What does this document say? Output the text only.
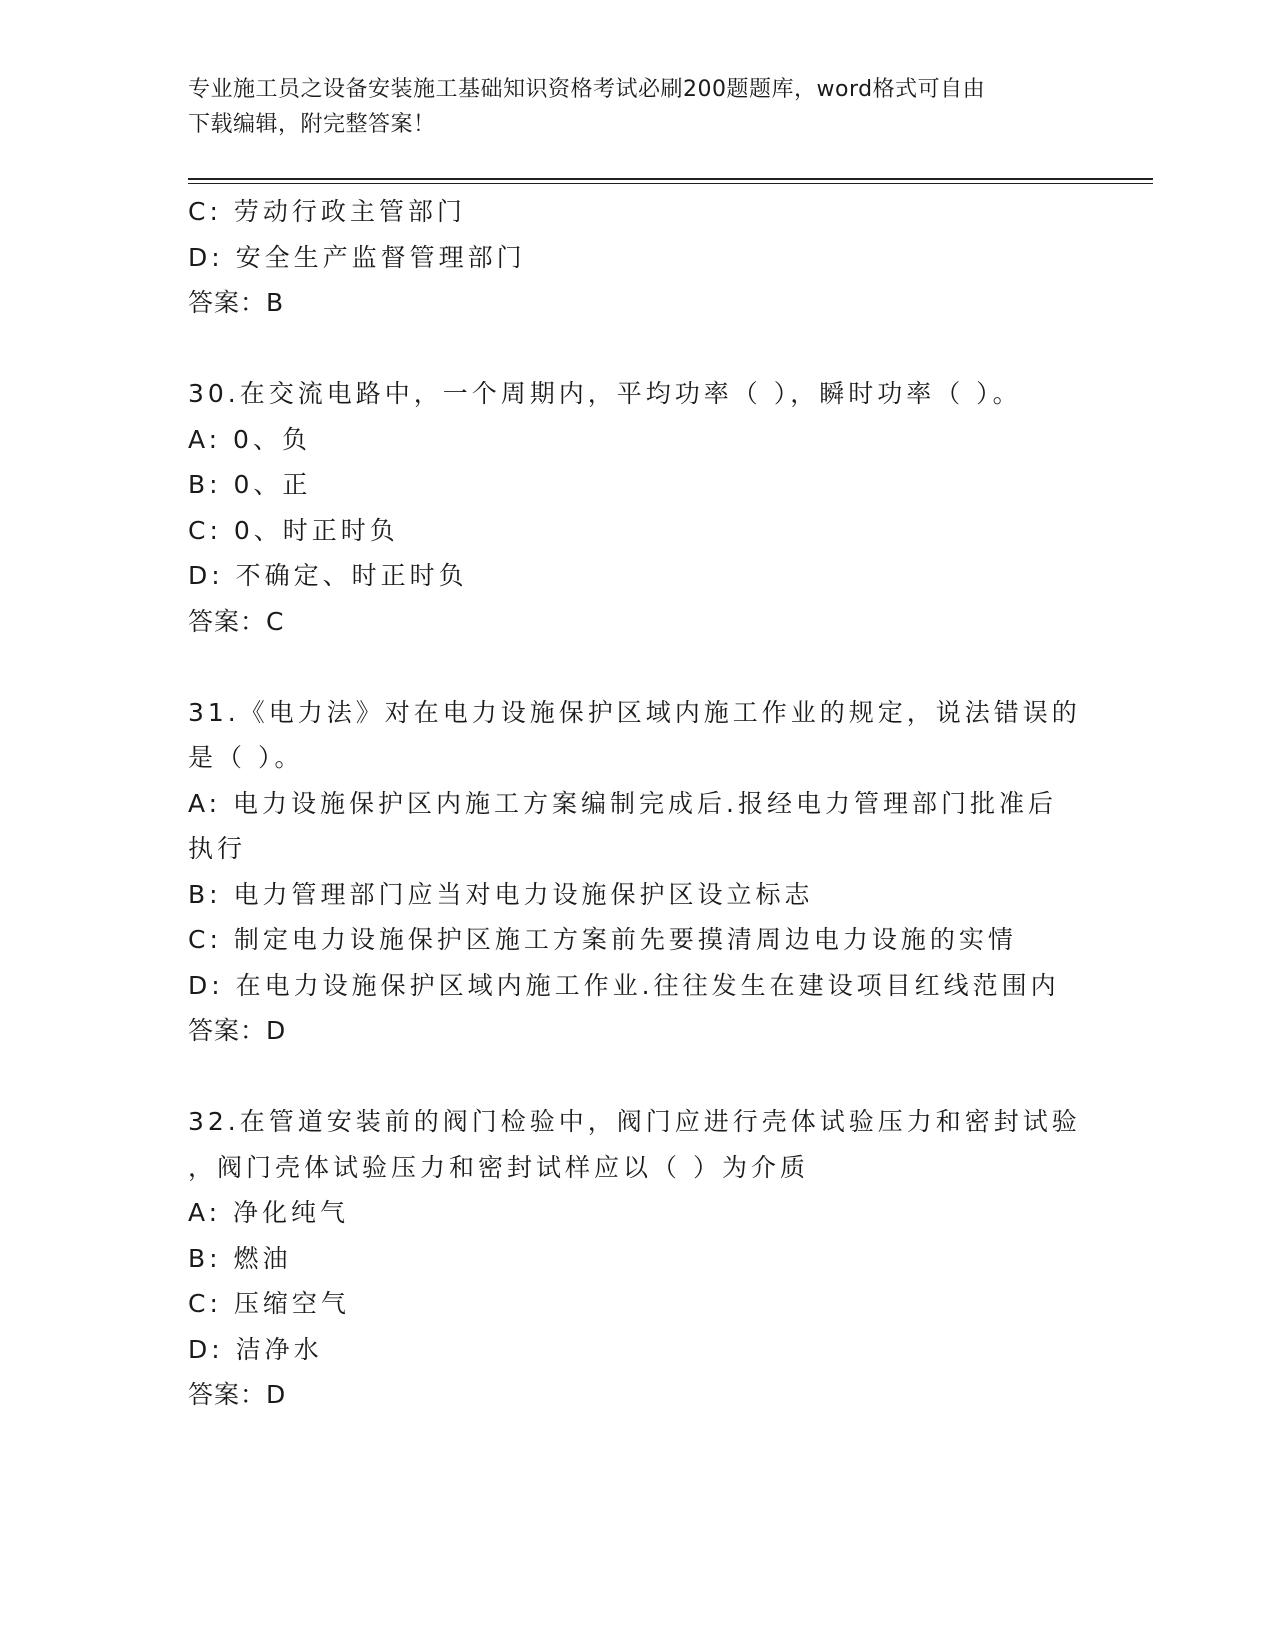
专业施工员之设备安装施工基础知识资格考试必刷200题题库，word格式可自由
下载编辑，附完整答案！
C: 劳动行政主管部门
D: 安全生产监督管理部门
答案：B
30.在交流电路中，一个周期内，平均功率（ ），瞬时功率（ ）。
A: 0、负
B: 0、正
C: 0、时正时负
D: 不确定、时正时负
答案：C
31.《电力法》对在电力设施保护区域内施工作业的规定，说法错误的
是（ ）。
A: 电力设施保护区内施工方案编制完成后.报经电力管理部门批准后
执行
B: 电力管理部门应当对电力设施保护区设立标志
C: 制定电力设施保护区施工方案前先要摸清周边电力设施的实情
D: 在电力设施保护区域内施工作业.往往发生在建设项目红线范围内
答案：D
32.在管道安装前的阀门检验中，阀门应进行壳体试验压力和密封试验
，阀门壳体试验压力和密封试样应以（ ）为介质
A: 净化纯气
B: 燃油
C: 压缩空气
D: 洁净水
答案：D
